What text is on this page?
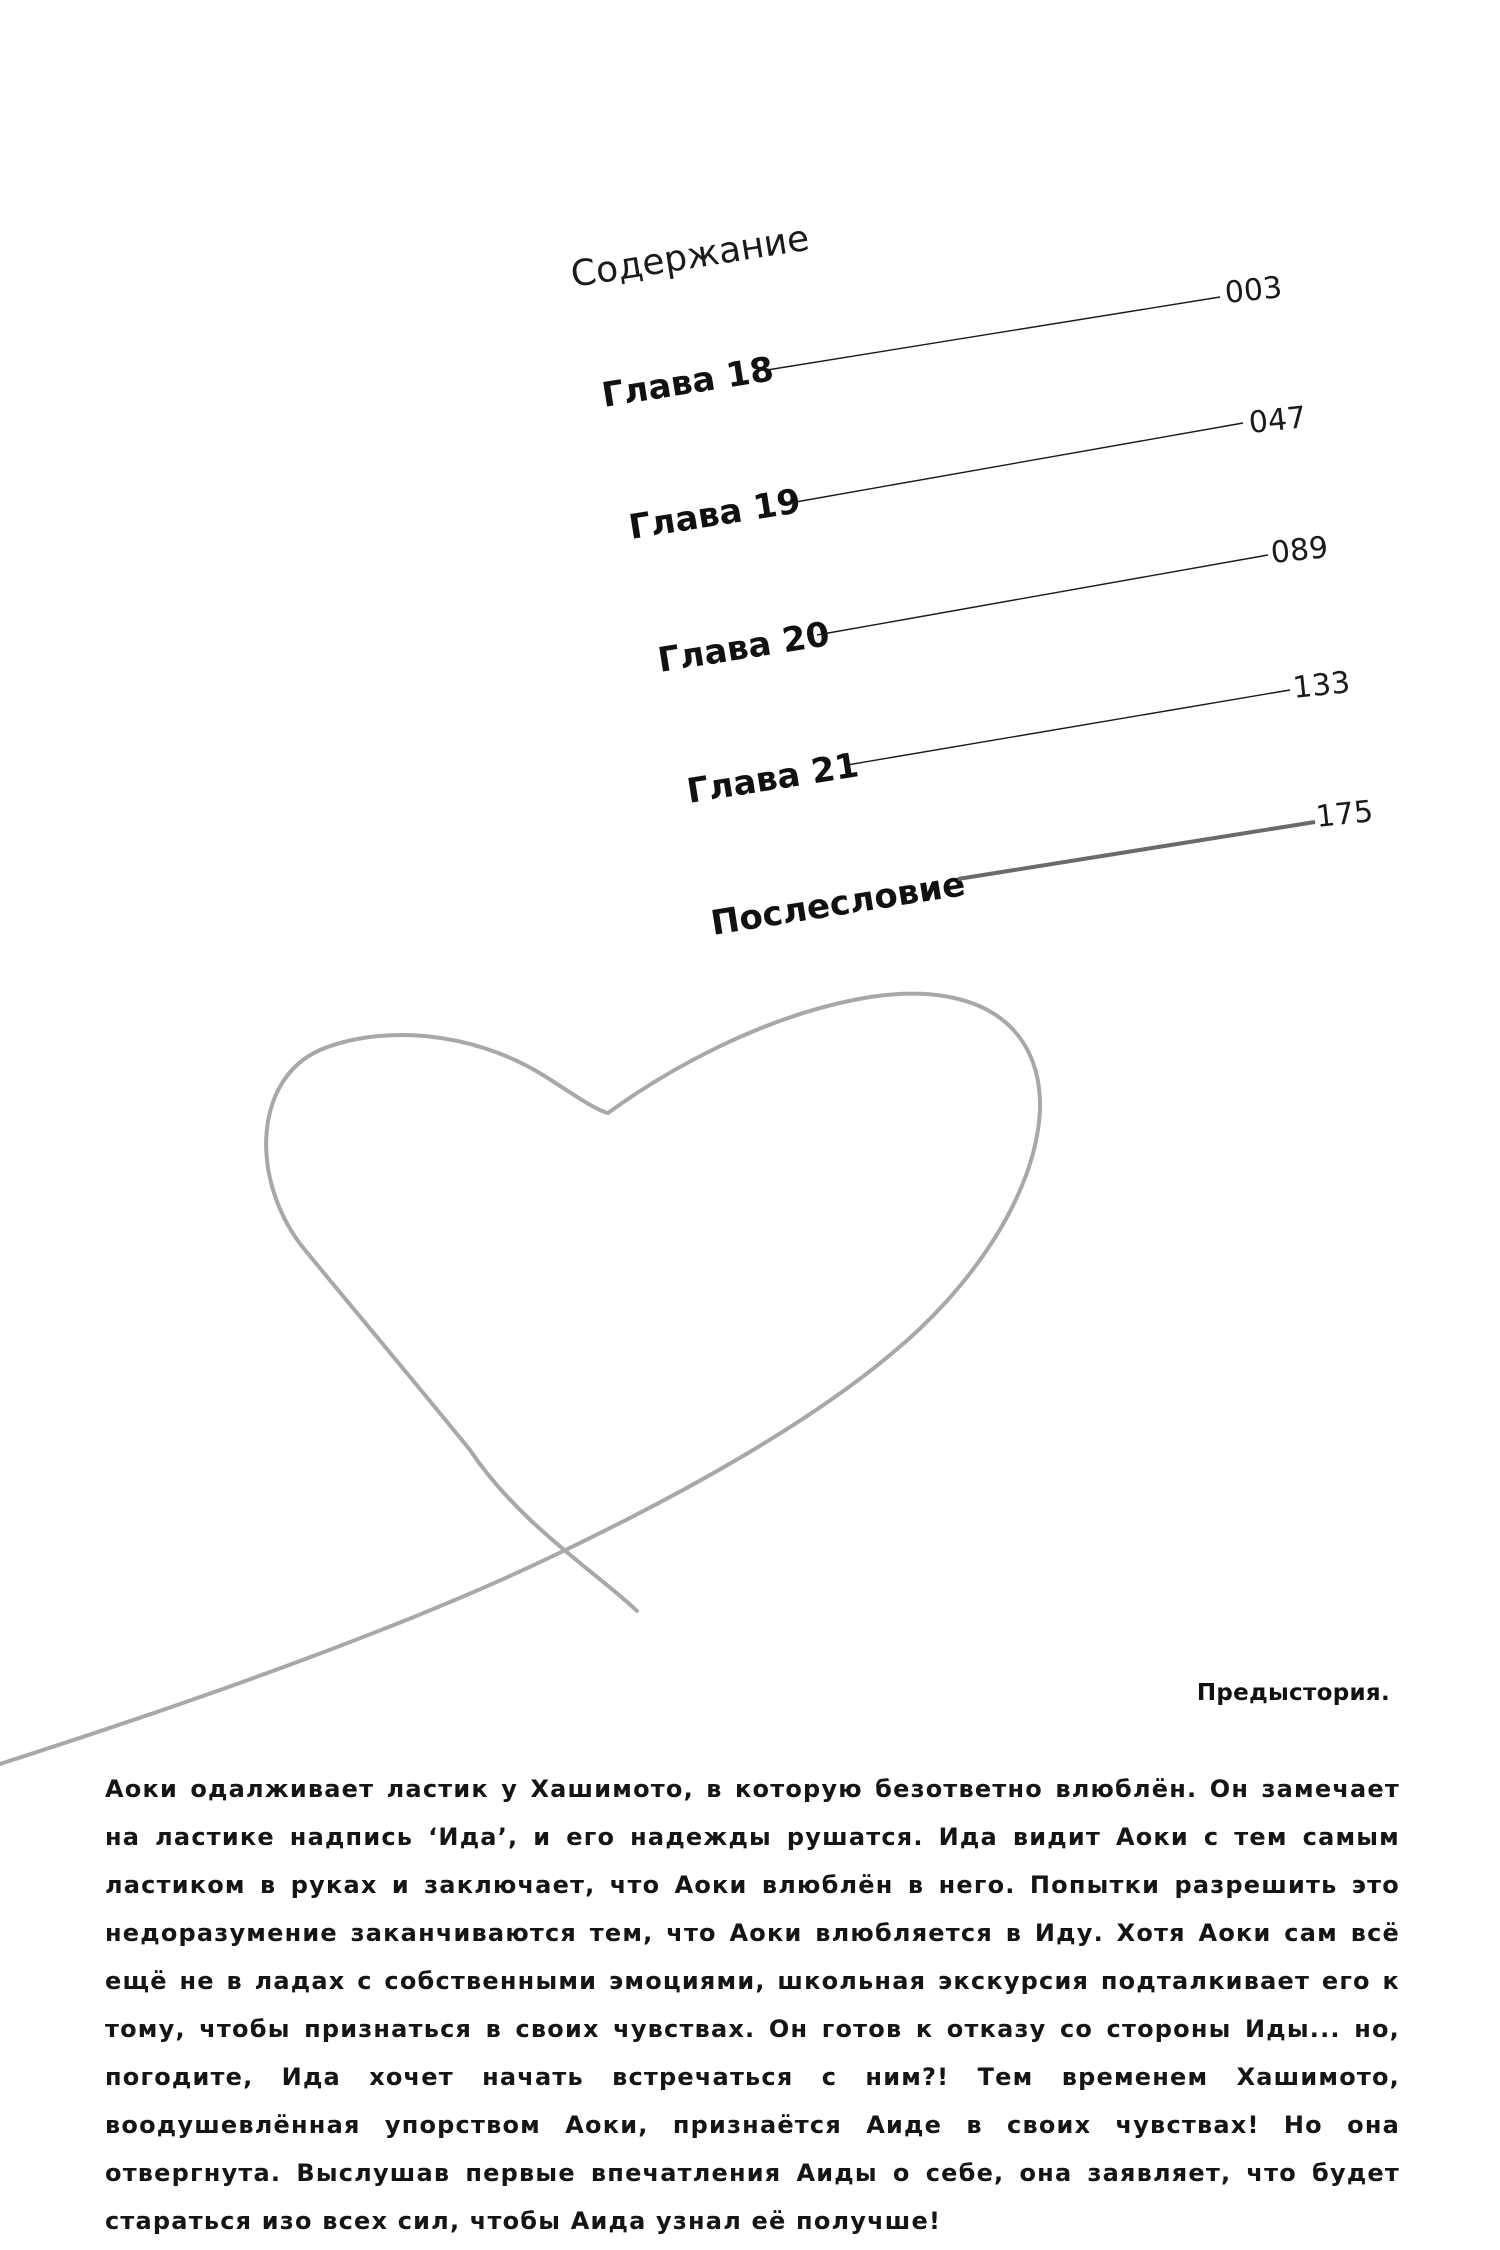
Содержание
Глава 18
003
Глава 19
047
Глава 20
089
Глава 21
133
Послесловие
175

Предыстория.

Аоки одалживает ластик у Хашимото, в которую безответно влюблён. Он замечает на ластике надпись ‘Ида’, и его надежды рушатся. Ида видит Аоки с тем самым ластиком в руках и заключает, что Аоки влюблён в него. Попытки разрешить это недоразумение заканчиваются тем, что Аоки влюбляется в Иду. Хотя Аоки сам всё ещё не в ладах с собственными эмоциями, школьная экскурсия подталкивает его к тому, чтобы признаться в своих чувствах. Он готов к отказу со стороны Иды... но, погодите, Ида хочет начать встречаться с ним?! Тем временем Хашимото, воодушевлённая упорством Аоки, признаётся Аиде в своих чувствах! Но она отвергнута. Выслушав первые впечатления Аиды о себе, она заявляет, что будет стараться изо всех сил, чтобы Аида узнал её получше!
